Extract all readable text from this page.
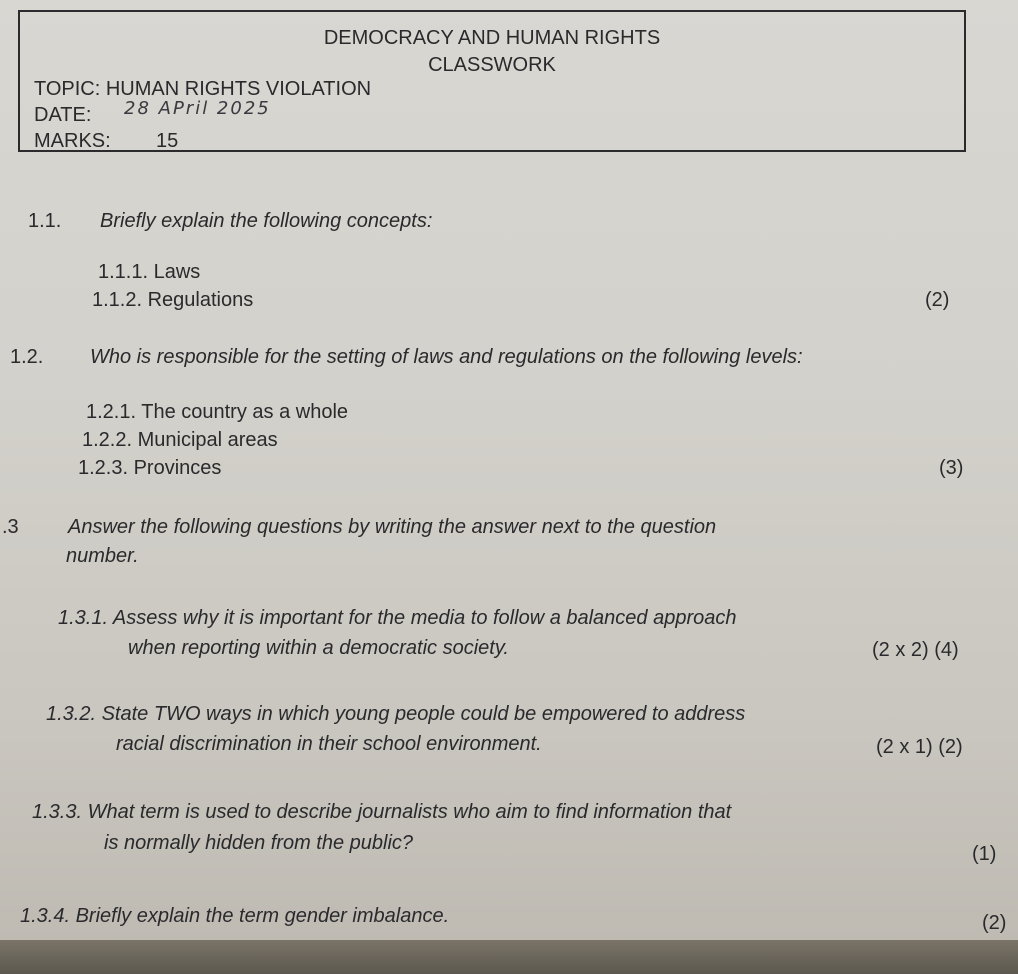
DEMOCRACY AND HUMAN RIGHTS
CLASSWORK
TOPIC: HUMAN RIGHTS VIOLATION
DATE: 28 APril 2025
MARKS: 15
1.1. Briefly explain the following concepts:
1.1.1. Laws
1.1.2. Regulations	(2)
1.2. Who is responsible for the setting of laws and regulations on the following levels:
1.2.1. The country as a whole
1.2.2. Municipal areas
1.2.3. Provinces	(3)
.3 Answer the following questions by writing the answer next to the question
number.
1.3.1. Assess why it is important for the media to follow a balanced approach
when reporting within a democratic society.	(2 x 2) (4)
1.3.2. State TWO ways in which young people could be empowered to address
racial discrimination in their school environment.	(2 x 1) (2)
1.3.3. What term is used to describe journalists who aim to find information that
is normally hidden from the public?	(1)
1.3.4. Briefly explain the term gender imbalance.	(2)
